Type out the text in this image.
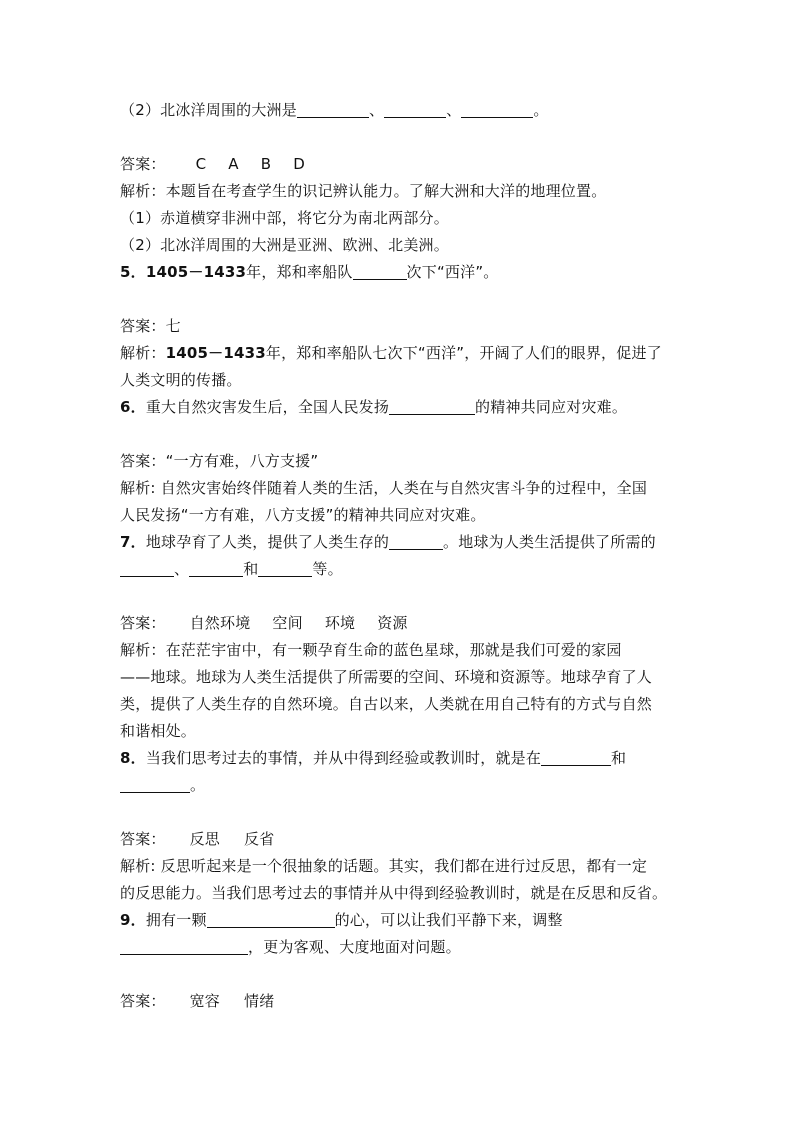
（2）北冰洋周围的大洲是	、	、	。
答案： C A B D
解析：本题旨在考查学生的识记辨认能力。了解大洲和大洋的地理位置。
（1）赤道横穿非洲中部，将它分为南北两部分。
（2）北冰洋周围的大洲是亚洲、欧洲、北美洲。
5．1405－1433年，郑和率船队	次下“西洋”。
答案：七
解析：1405－1433年，郑和率船队七次下“西洋”，开阔了人们的眼界，促进了
人类文明的传播。
6．重大自然灾害发生后，全国人民发扬	的精神共同应对灾难。
答案：“一方有难，八方支援”
解析: 自然灾害始终伴随着人类的生活，人类在与自然灾害斗争的过程中，全国
人民发扬“一方有难，八方支援”的精神共同应对灾难。
7．地球孕育了人类，提供了人类生存的	。地球为人类生活提供了所需的
、	和	等。
答案： 自然环境 空间 环境 资源
解析：在茫茫宇宙中，有一颗孕育生命的蓝色星球，那就是我们可爱的家园
——地球。地球为人类生活提供了所需要的空间、环境和资源等。地球孕育了人
类，提供了人类生存的自然环境。自古以来，人类就在用自己特有的方式与自然
和谐相处。
8．当我们思考过去的事情，并从中得到经验或教训时，就是在	和
。
答案： 反思 反省
解析: 反思听起来是一个很抽象的话题。其实，我们都在进行过反思，都有一定
的反思能力。当我们思考过去的事情并从中得到经验教训时，就是在反思和反省。
9．拥有一颗	的心，可以让我们平静下来，调整
，更为客观、大度地面对问题。
答案： 宽容 情绪
